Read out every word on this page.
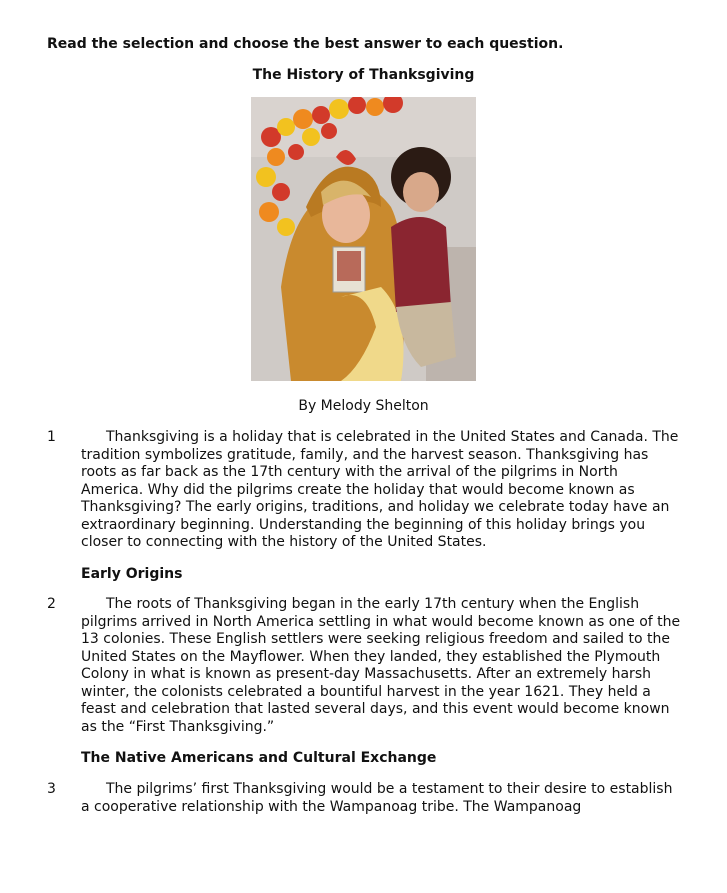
Read the selection and choose the best answer to each question.
The History of Thanksgiving
By Melody Shelton
1	Thanksgiving is a holiday that is celebrated in the United States and Canada. The tradition symbolizes gratitude, family, and the harvest season. Thanksgiving has roots as far back as the 17th century with the arrival of the pilgrims in North America. Why did the pilgrims create the holiday that would become known as Thanksgiving? The early origins, traditions, and holiday we celebrate today have an extraordinary beginning. Understanding the beginning of this holiday brings you closer to connecting with the history of the United States.
Early Origins
2	The roots of Thanksgiving began in the early 17th century when the English pilgrims arrived in North America settling in what would become known as one of the 13 colonies. These English settlers were seeking religious freedom and sailed to the United States on the Mayflower. When they landed, they established the Plymouth Colony in what is known as present-day Massachusetts. After an extremely harsh winter, the colonists celebrated a bountiful harvest in the year 1621. They held a feast and celebration that lasted several days, and this event would become known as the “First Thanksgiving.”
The Native Americans and Cultural Exchange
3	The pilgrims’ first Thanksgiving would be a testament to their desire to establish a cooperative relationship with the Wampanoag tribe. The Wampanoag
